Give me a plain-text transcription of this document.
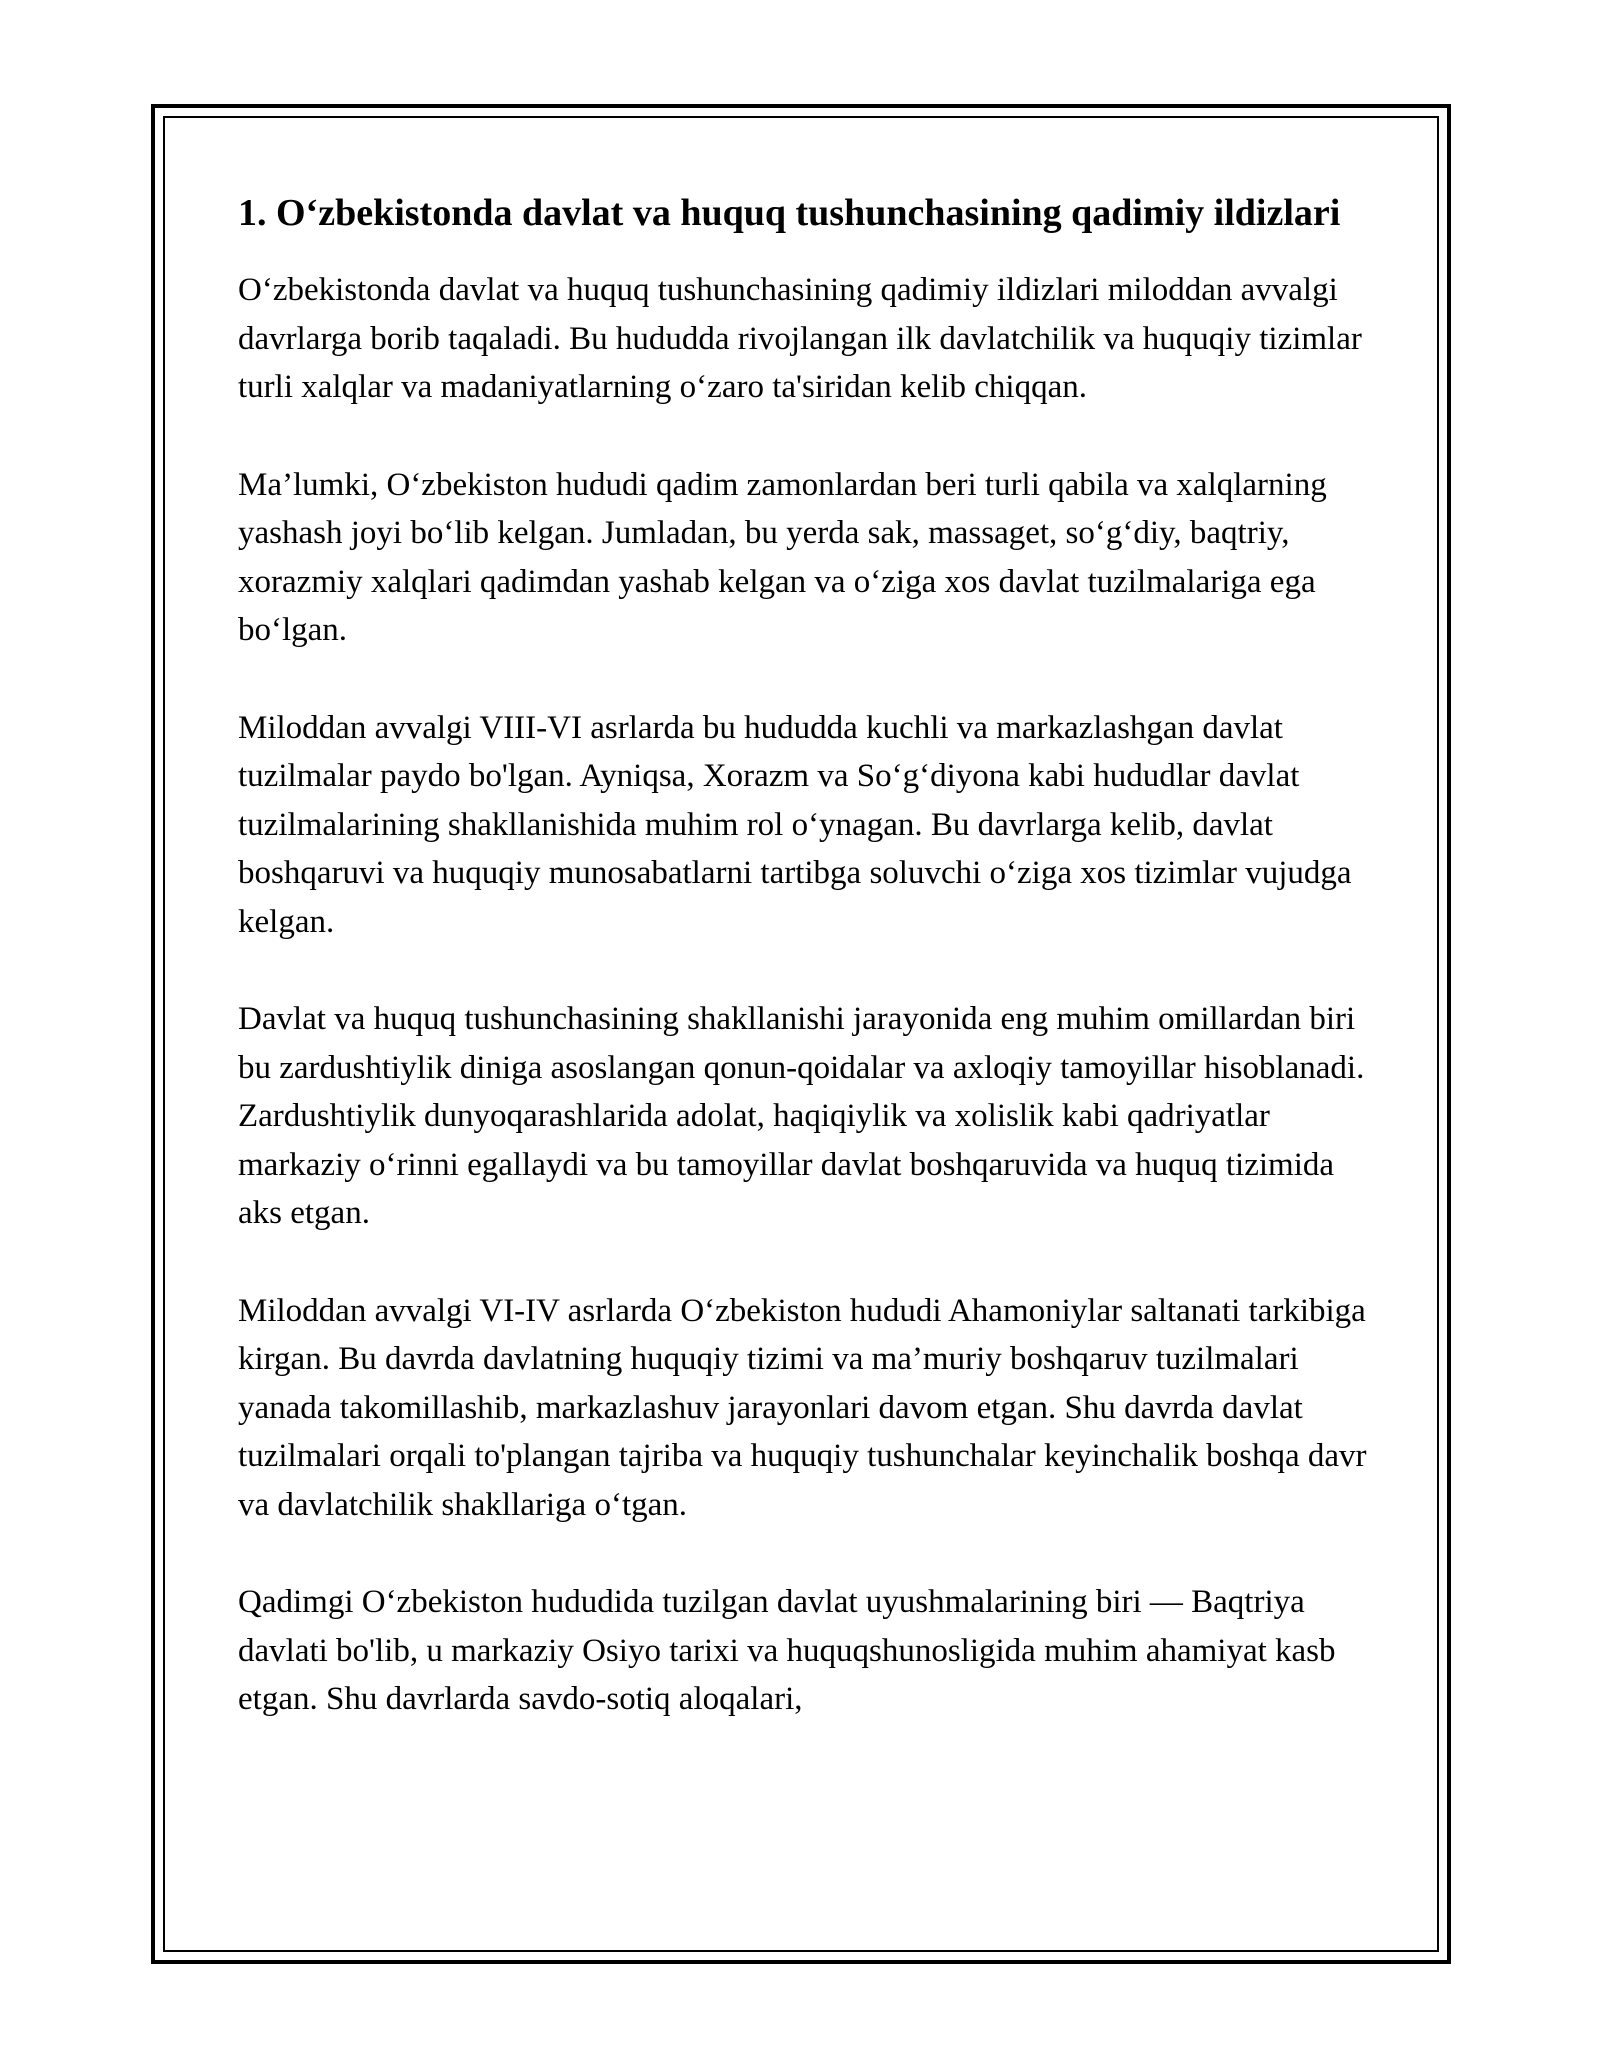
1. O‘zbekistonda davlat va huquq tushunchasining qadimiy ildizlari

O‘zbekistonda davlat va huquq tushunchasining qadimiy ildizlari miloddan avvalgi davrlarga borib taqaladi. Bu hududda rivojlangan ilk davlatchilik va huquqiy tizimlar turli xalqlar va madaniyatlarning o‘zaro ta'siridan kelib chiqqan.

Ma’lumki, O‘zbekiston hududi qadim zamonlardan beri turli qabila va xalqlarning yashash joyi bo‘lib kelgan. Jumladan, bu yerda sak, massaget, so‘g‘diy, baqtriy, xorazmiy xalqlari qadimdan yashab kelgan va o‘ziga xos davlat tuzilmalariga ega bo‘lgan.

Miloddan avvalgi VIII-VI asrlarda bu hududda kuchli va markazlashgan davlat tuzilmalar paydo bo'lgan. Ayniqsa, Xorazm va So‘g‘diyona kabi hududlar davlat tuzilmalarining shakllanishida muhim rol o‘ynagan. Bu davrlarga kelib, davlat boshqaruvi va huquqiy munosabatlarni tartibga soluvchi o‘ziga xos tizimlar vujudga kelgan.

Davlat va huquq tushunchasining shakllanishi jarayonida eng muhim omillardan biri bu zardushtiylik diniga asoslangan qonun-qoidalar va axloqiy tamoyillar hisoblanadi. Zardushtiylik dunyoqarashlarida adolat, haqiqiylik va xolislik kabi qadriyatlar markaziy o‘rinni egallaydi va bu tamoyillar davlat boshqaruvida va huquq tizimida aks etgan.

Miloddan avvalgi VI-IV asrlarda O‘zbekiston hududi Ahamoniylar saltanati tarkibiga kirgan. Bu davrda davlatning huquqiy tizimi va ma’muriy boshqaruv tuzilmalari yanada takomillashib, markazlashuv jarayonlari davom etgan. Shu davrda davlat tuzilmalari orqali to'plangan tajriba va huquqiy tushunchalar keyinchalik boshqa davr va davlatchilik shakllariga o‘tgan.

Qadimgi O‘zbekiston hududida tuzilgan davlat uyushmalarining biri — Baqtriya davlati bo'lib, u markaziy Osiyo tarixi va huquqshunosligida muhim ahamiyat kasb etgan. Shu davrlarda savdo-sotiq aloqalari,
